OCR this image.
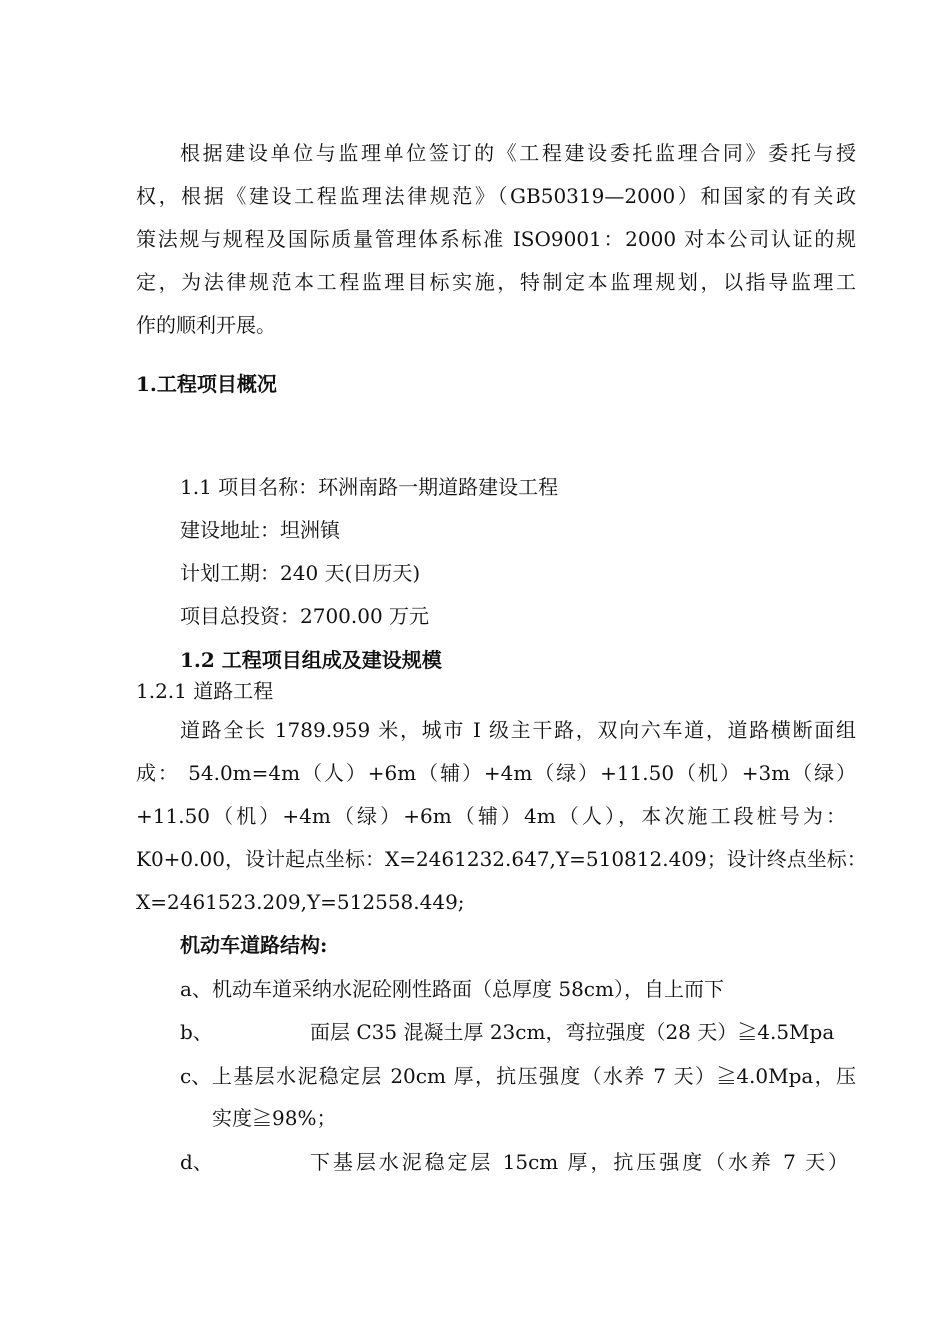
根据建设单位与监理单位签订的《工程建设委托监理合同》委托与授
权，根据《建设工程监理法律规范》（GB50319—2000）和国家的有关政
策法规与规程及国际质量管理体系标准 ISO9001：2000 对本公司认证的规
定，为法律规范本工程监理目标实施，特制定本监理规划，以指导监理工
作的顺利开展。
1.工程项目概况
1.1 项目名称：环洲南路一期道路建设工程
建设地址：坦洲镇
计划工期：240 天(日历天)
项目总投资：2700.00 万元
1.2 工程项目组成及建设规模
1.2.1 道路工程
道路全长 1789.959 米，城市 I 级主干路，双向六车道，道路横断面组
成： 54.0m=4m（人）+6m（辅）+4m（绿）+11.50（机）+3m（绿）
+11.50（机）+4m（绿）+6m（辅）4m（人），本次施工段桩号为：
K0+0.00，设计起点坐标：X=2461232.647,Y=510812.409；设计终点坐标：
X=2461523.209,Y=512558.449;
机动车道路结构:
a、 机动车道采纳水泥砼刚性路面（总厚度 58cm），自上而下
b、	面层 C35 混凝土厚 23cm，弯拉强度（28 天）≧4.5Mpa
c、 上基层水泥稳定层 20cm 厚，抗压强度（水养 7 天）≧4.0Mpa，压
实度≧98%；
d、	下基层水泥稳定层 15cm 厚，抗压强度（水养 7 天）
